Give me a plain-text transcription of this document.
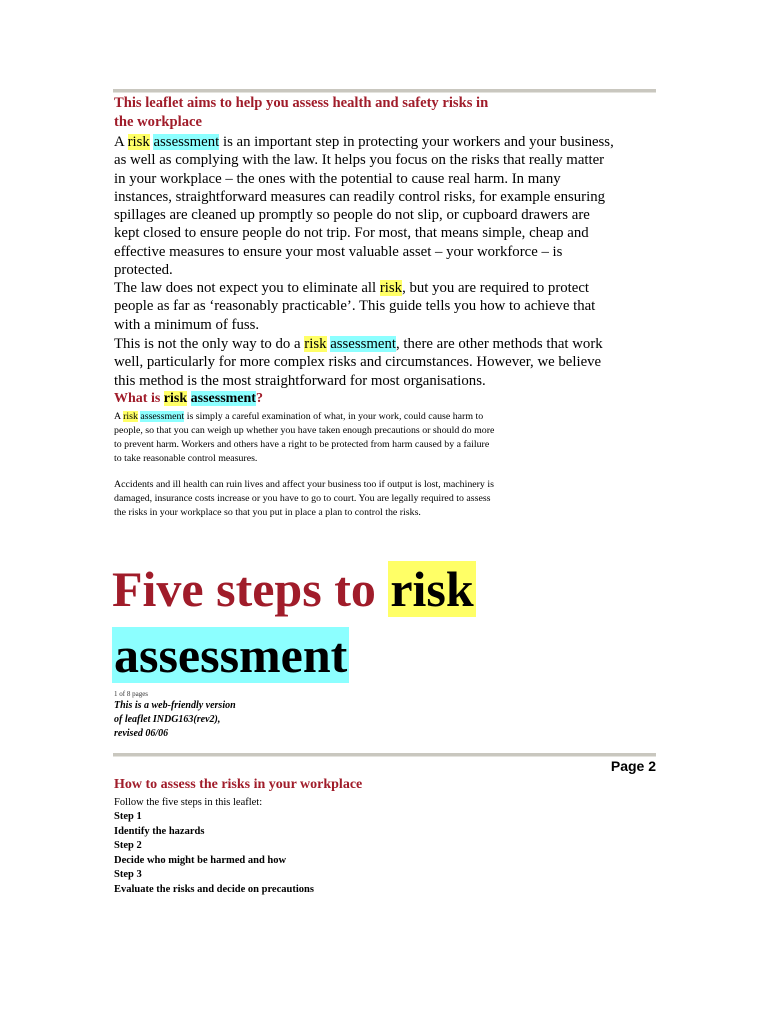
This leaflet aims to help you assess health and safety risks in
the workplace
A risk assessment is an important step in protecting your workers and your business, as well as complying with the law. It helps you focus on the risks that really matter in your workplace – the ones with the potential to cause real harm. In many instances, straightforward measures can readily control risks, for example ensuring spillages are cleaned up promptly so people do not slip, or cupboard drawers are kept closed to ensure people do not trip. For most, that means simple, cheap and effective measures to ensure your most valuable asset – your workforce – is protected.
The law does not expect you to eliminate all risk, but you are required to protect people as far as ‘reasonably practicable’. This guide tells you how to achieve that with a minimum of fuss.
This is not the only way to do a risk assessment, there are other methods that work well, particularly for more complex risks and circumstances. However, we believe this method is the most straightforward for most organisations.
What is risk assessment?
A risk assessment is simply a careful examination of what, in your work, could cause harm to people, so that you can weigh up whether you have taken enough precautions or should do more to prevent harm. Workers and others have a right to be protected from harm caused by a failure to take reasonable control measures.
Accidents and ill health can ruin lives and affect your business too if output is lost, machinery is damaged, insurance costs increase or you have to go to court. You are legally required to assess the risks in your workplace so that you put in place a plan to control the risks.
Five steps to risk
assessment
1 of 8 pages
This is a web-friendly version of leaflet INDG163(rev2), revised 06/06
Page 2
How to assess the risks in your workplace
Follow the five steps in this leaflet:
Step 1
Identify the hazards
Step 2
Decide who might be harmed and how
Step 3
Evaluate the risks and decide on precautions
